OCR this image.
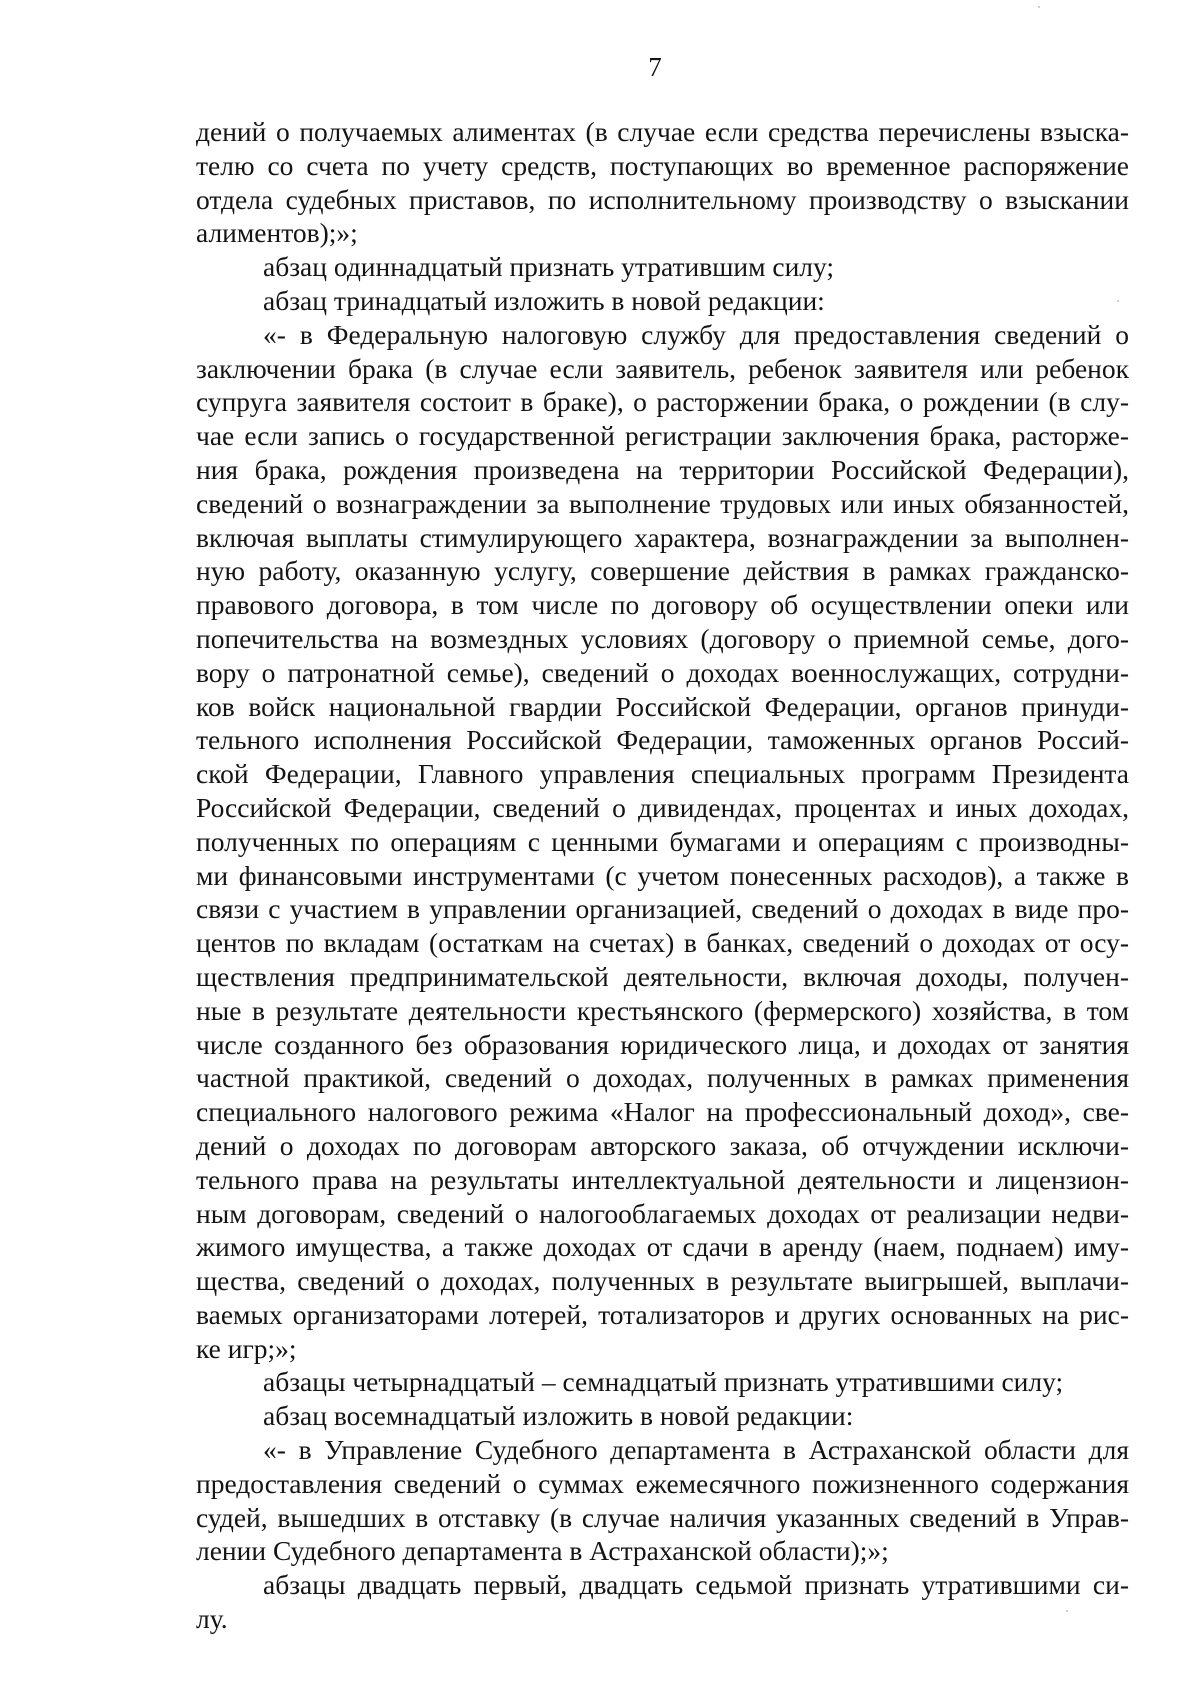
7
дений о получаемых алиментах (в случае если средства перечислены взыска-
телю со счета по учету средств, поступающих во временное распоряжение
отдела судебных приставов, по исполнительному производству о взыскании
алиментов);»;
абзац одиннадцатый признать утратившим силу;
абзац тринадцатый изложить в новой редакции:
«- в Федеральную налоговую службу для предоставления сведений о
заключении брака (в случае если заявитель, ребенок заявителя или ребенок
супруга заявителя состоит в браке), о расторжении брака, о рождении (в слу-
чае если запись о государственной регистрации заключения брака, расторже-
ния брака, рождения произведена на территории Российской Федерации),
сведений о вознаграждении за выполнение трудовых или иных обязанностей,
включая выплаты стимулирующего характера, вознаграждении за выполнен-
ную работу, оказанную услугу, совершение действия в рамках гражданско-
правового договора, в том числе по договору об осуществлении опеки или
попечительства на возмездных условиях (договору о приемной семье, дого-
вору о патронатной семье), сведений о доходах военнослужащих, сотрудни-
ков войск национальной гвардии Российской Федерации, органов принуди-
тельного исполнения Российской Федерации, таможенных органов Россий-
ской Федерации, Главного управления специальных программ Президента
Российской Федерации, сведений о дивидендах, процентах и иных доходах,
полученных по операциям с ценными бумагами и операциям с производны-
ми финансовыми инструментами (с учетом понесенных расходов), а также в
связи с участием в управлении организацией, сведений о доходах в виде про-
центов по вкладам (остаткам на счетах) в банках, сведений о доходах от осу-
ществления предпринимательской деятельности, включая доходы, получен-
ные в результате деятельности крестьянского (фермерского) хозяйства, в том
числе созданного без образования юридического лица, и доходах от занятия
частной практикой, сведений о доходах, полученных в рамках применения
специального налогового режима «Налог на профессиональный доход», све-
дений о доходах по договорам авторского заказа, об отчуждении исключи-
тельного права на результаты интеллектуальной деятельности и лицензион-
ным договорам, сведений о налогооблагаемых доходах от реализации недви-
жимого имущества, а также доходах от сдачи в аренду (наем, поднаем) иму-
щества, сведений о доходах, полученных в результате выигрышей, выплачи-
ваемых организаторами лотерей, тотализаторов и других основанных на рис-
ке игр;»;
абзацы четырнадцатый – семнадцатый признать утратившими силу;
абзац восемнадцатый изложить в новой редакции:
«- в Управление Судебного департамента в Астраханской области для
предоставления сведений о суммах ежемесячного пожизненного содержания
судей, вышедших в отставку (в случае наличия указанных сведений в Управ-
лении Судебного департамента в Астраханской области);»;
абзацы двадцать первый, двадцать седьмой признать утратившими си-
лу.
